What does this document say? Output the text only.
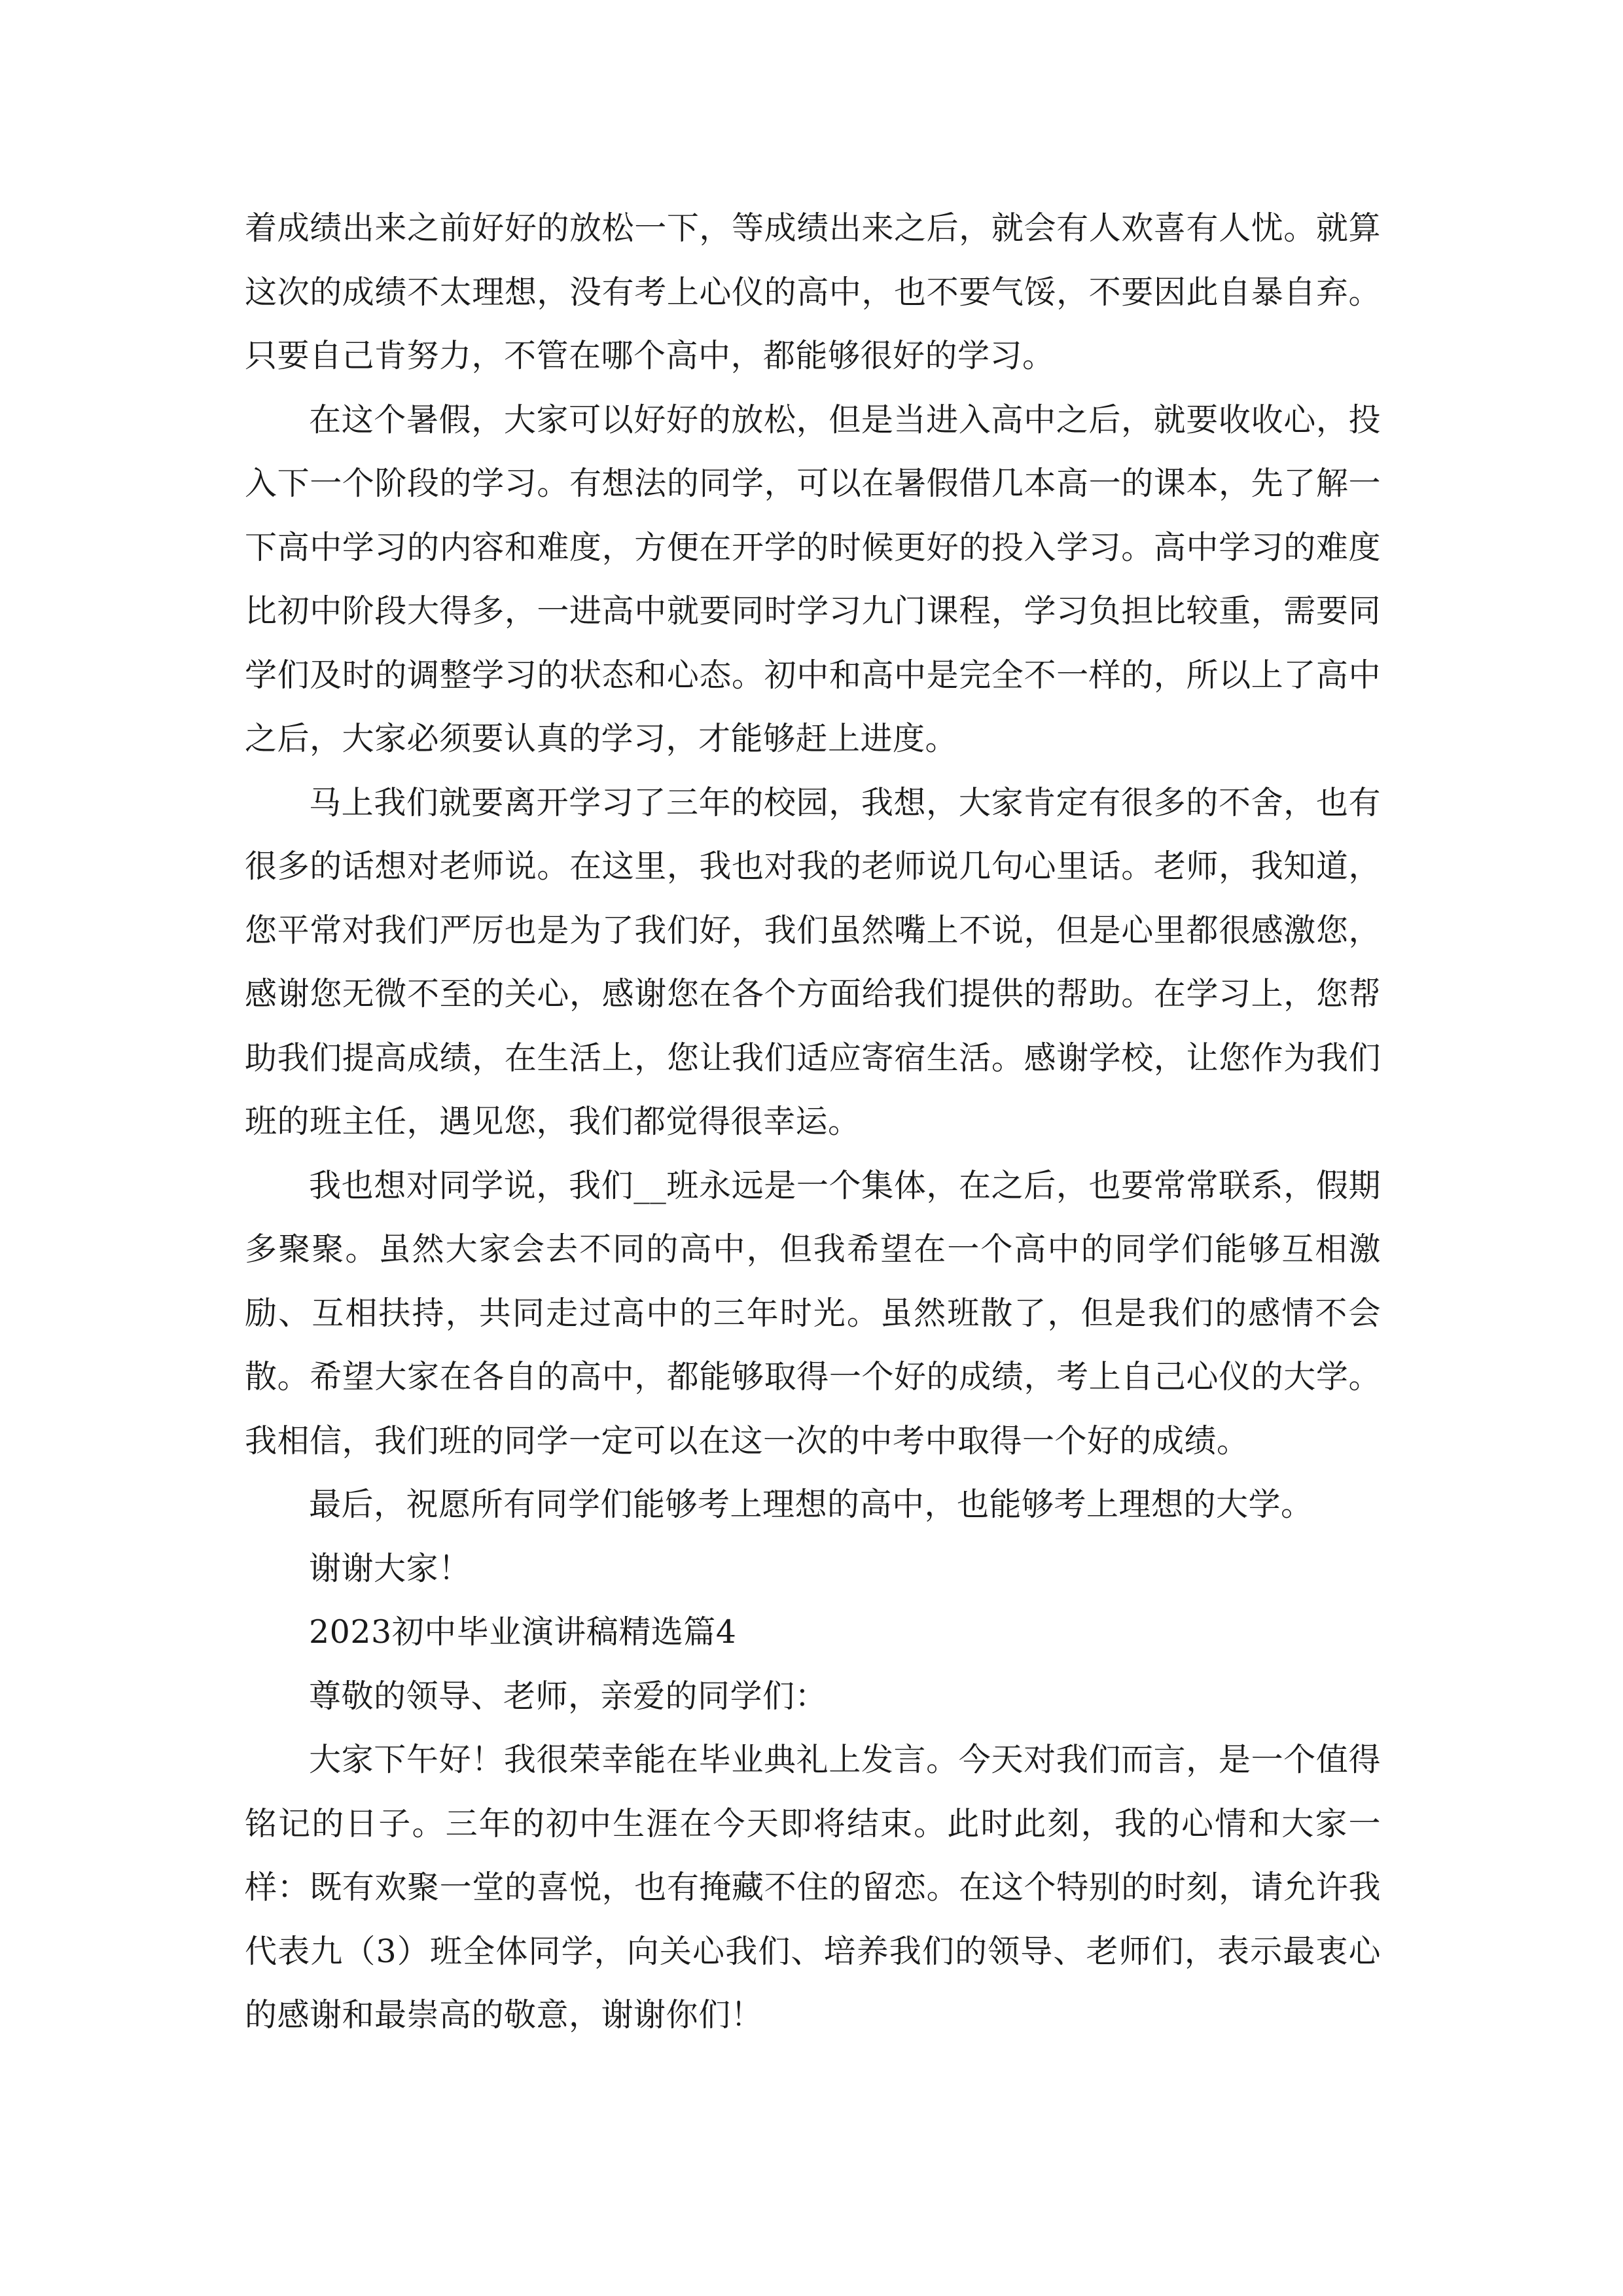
着成绩出来之前好好的放松一下，等成绩出来之后，就会有人欢喜有人忧。就算这次的成绩不太理想，没有考上心仪的高中，也不要气馁，不要因此自暴自弃。只要自己肯努力，不管在哪个高中，都能够很好的学习。

在这个暑假，大家可以好好的放松，但是当进入高中之后，就要收收心，投入下一个阶段的学习。有想法的同学，可以在暑假借几本高一的课本，先了解一下高中学习的内容和难度，方便在开学的时候更好的投入学习。高中学习的难度比初中阶段大得多，一进高中就要同时学习九门课程，学习负担比较重，需要同学们及时的调整学习的状态和心态。初中和高中是完全不一样的，所以上了高中之后，大家必须要认真的学习，才能够赶上进度。

马上我们就要离开学习了三年的校园，我想，大家肯定有很多的不舍，也有很多的话想对老师说。在这里，我也对我的老师说几句心里话。老师，我知道，您平常对我们严厉也是为了我们好，我们虽然嘴上不说，但是心里都很感激您，感谢您无微不至的关心，感谢您在各个方面给我们提供的帮助。在学习上，您帮助我们提高成绩，在生活上，您让我们适应寄宿生活。感谢学校，让您作为我们班的班主任，遇见您，我们都觉得很幸运。

我也想对同学说，我们__班永远是一个集体，在之后，也要常常联系，假期多聚聚。虽然大家会去不同的高中，但我希望在一个高中的同学们能够互相激励、互相扶持，共同走过高中的三年时光。虽然班散了，但是我们的感情不会散。希望大家在各自的高中，都能够取得一个好的成绩，考上自己心仪的大学。我相信，我们班的同学一定可以在这一次的中考中取得一个好的成绩。

最后，祝愿所有同学们能够考上理想的高中，也能够考上理想的大学。

谢谢大家！

2023初中毕业演讲稿精选篇4

尊敬的领导、老师，亲爱的同学们：

大家下午好！我很荣幸能在毕业典礼上发言。今天对我们而言，是一个值得铭记的日子。三年的初中生涯在今天即将结束。此时此刻，我的心情和大家一样：既有欢聚一堂的喜悦，也有掩藏不住的留恋。在这个特别的时刻，请允许我代表九（3）班全体同学，向关心我们、培养我们的领导、老师们，表示最衷心的感谢和最崇高的敬意，谢谢你们！
